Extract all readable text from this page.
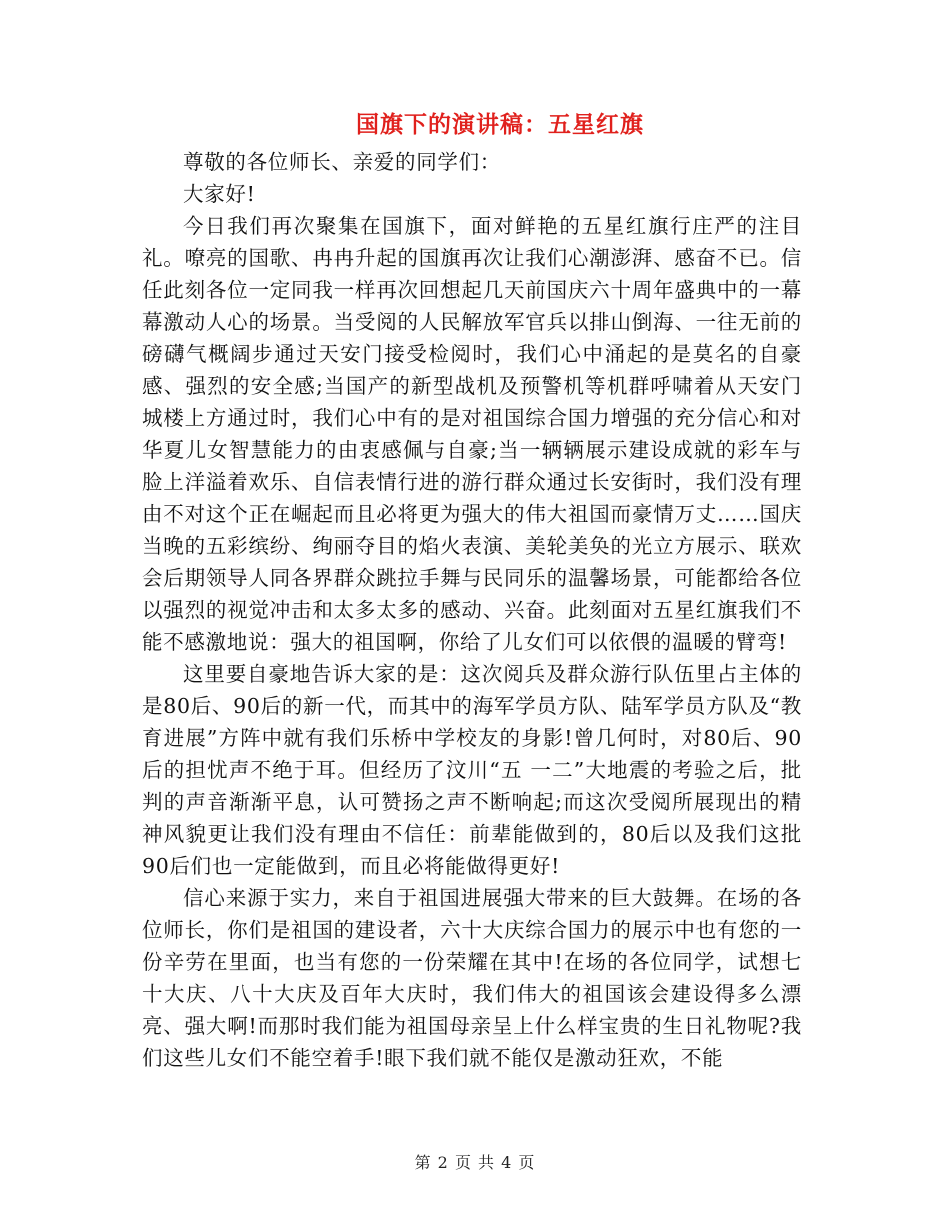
国旗下的演讲稿：五星红旗

尊敬的各位师长、亲爱的同学们：

大家好!

今日我们再次聚集在国旗下，面对鲜艳的五星红旗行庄严的注目礼。嘹亮的国歌、冉冉升起的国旗再次让我们心潮澎湃、感奋不已。信任此刻各位一定同我一样再次回想起几天前国庆六十周年盛典中的一幕幕激动人心的场景。当受阅的人民解放军官兵以排山倒海、一往无前的磅礴气概阔步通过天安门接受检阅时，我们心中涌起的是莫名的自豪感、强烈的安全感;当国产的新型战机及预警机等机群呼啸着从天安门城楼上方通过时，我们心中有的是对祖国综合国力增强的充分信心和对华夏儿女智慧能力的由衷感佩与自豪;当一辆辆展示建设成就的彩车与脸上洋溢着欢乐、自信表情行进的游行群众通过长安街时，我们没有理由不对这个正在崛起而且必将更为强大的伟大祖国而豪情万丈……国庆当晚的五彩缤纷、绚丽夺目的焰火表演、美轮美奂的光立方展示、联欢会后期领导人同各界群众跳拉手舞与民同乐的温馨场景，可能都给各位以强烈的视觉冲击和太多太多的感动、兴奋。此刻面对五星红旗我们不能不感激地说：强大的祖国啊，你给了儿女们可以依偎的温暖的臂弯!

这里要自豪地告诉大家的是：这次阅兵及群众游行队伍里占主体的是80后、90后的新一代，而其中的海军学员方队、陆军学员方队及“教育进展”方阵中就有我们乐桥中学校友的身影!曾几何时，对80后、90后的担忧声不绝于耳。但经历了汶川“五 一二”大地震的考验之后，批判的声音渐渐平息，认可赞扬之声不断响起;而这次受阅所展现出的精神风貌更让我们没有理由不信任：前辈能做到的，80后以及我们这批90后们也一定能做到，而且必将能做得更好!

信心来源于实力，来自于祖国进展强大带来的巨大鼓舞。在场的各位师长，你们是祖国的建设者，六十大庆综合国力的展示中也有您的一份辛劳在里面，也当有您的一份荣耀在其中!在场的各位同学，试想七十大庆、八十大庆及百年大庆时，我们伟大的祖国该会建设得多么漂亮、强大啊!而那时我们能为祖国母亲呈上什么样宝贵的生日礼物呢?我们这些儿女们不能空着手!眼下我们就不能仅是激动狂欢，不能

第 2 页 共 4 页
